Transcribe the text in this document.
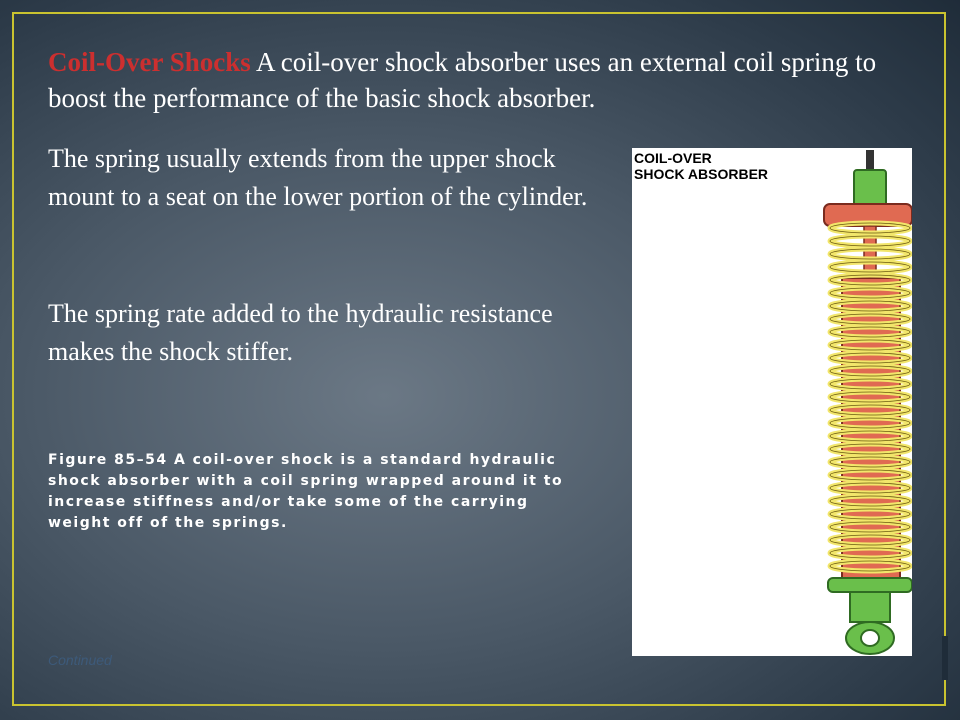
Coil-Over Shocks A coil-over shock absorber uses an external coil spring to boost the performance of the basic shock absorber.
The spring usually extends from the upper shock mount to a seat on the lower portion of the cylinder.
The spring rate added to the hydraulic resistance makes the shock stiffer.
Figure 85–54 A coil-over shock is a standard hydraulic shock absorber with a coil spring wrapped around it to increase stiffness and/or take some of the carrying weight off of the springs.
Continued
COIL-OVER
SHOCK ABSORBER
